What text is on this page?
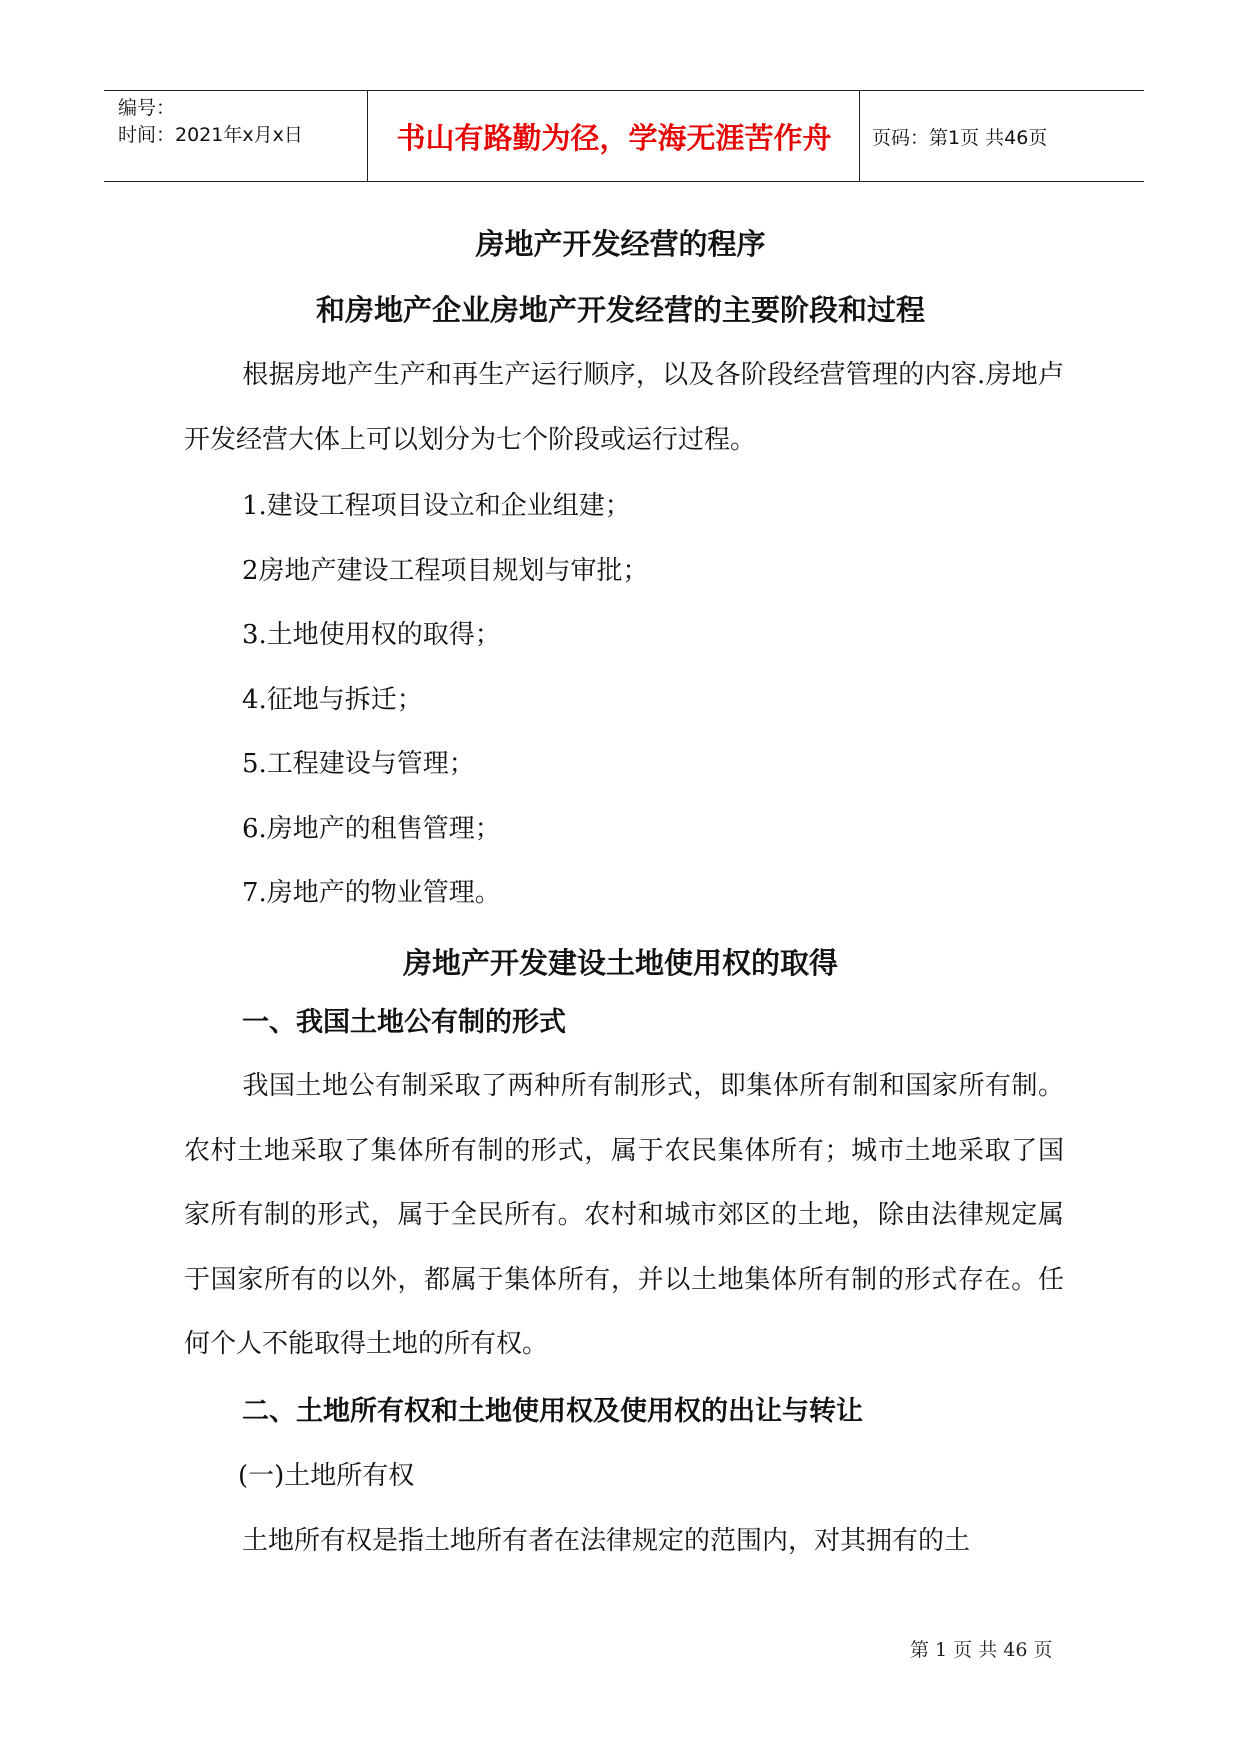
编号：
时间：2021年x月x日	书山有路勤为径，学海无涯苦作舟	页码：第1页 共46页
房地产开发经营的程序
和房地产企业房地产开发经营的主要阶段和过程
根据房地产生产和再生产运行顺序，以及各阶段经营管理的内容.房地卢开发经营大体上可以划分为七个阶段或运行过程。
1.建设工程项目设立和企业组建；
2房地产建设工程项目规划与审批；
3.土地使用权的取得；
4.征地与拆迁；
5.工程建设与管理；
6.房地产的租售管理；
7.房地产的物业管理。
房地产开发建设土地使用权的取得
一、我国土地公有制的形式
我国土地公有制采取了两种所有制形式，即集体所有制和国家所有制。农村土地采取了集体所有制的形式，属于农民集体所有；城市土地采取了国家所有制的形式，属于全民所有。农村和城市郊区的土地，除由法律规定属于国家所有的以外，都属于集体所有，并以土地集体所有制的形式存在。任何个人不能取得土地的所有权。
二、土地所有权和土地使用权及使用权的出让与转让
(一)土地所有权
土地所有权是指土地所有者在法律规定的范围内，对其拥有的土
第 1 页 共 46 页
